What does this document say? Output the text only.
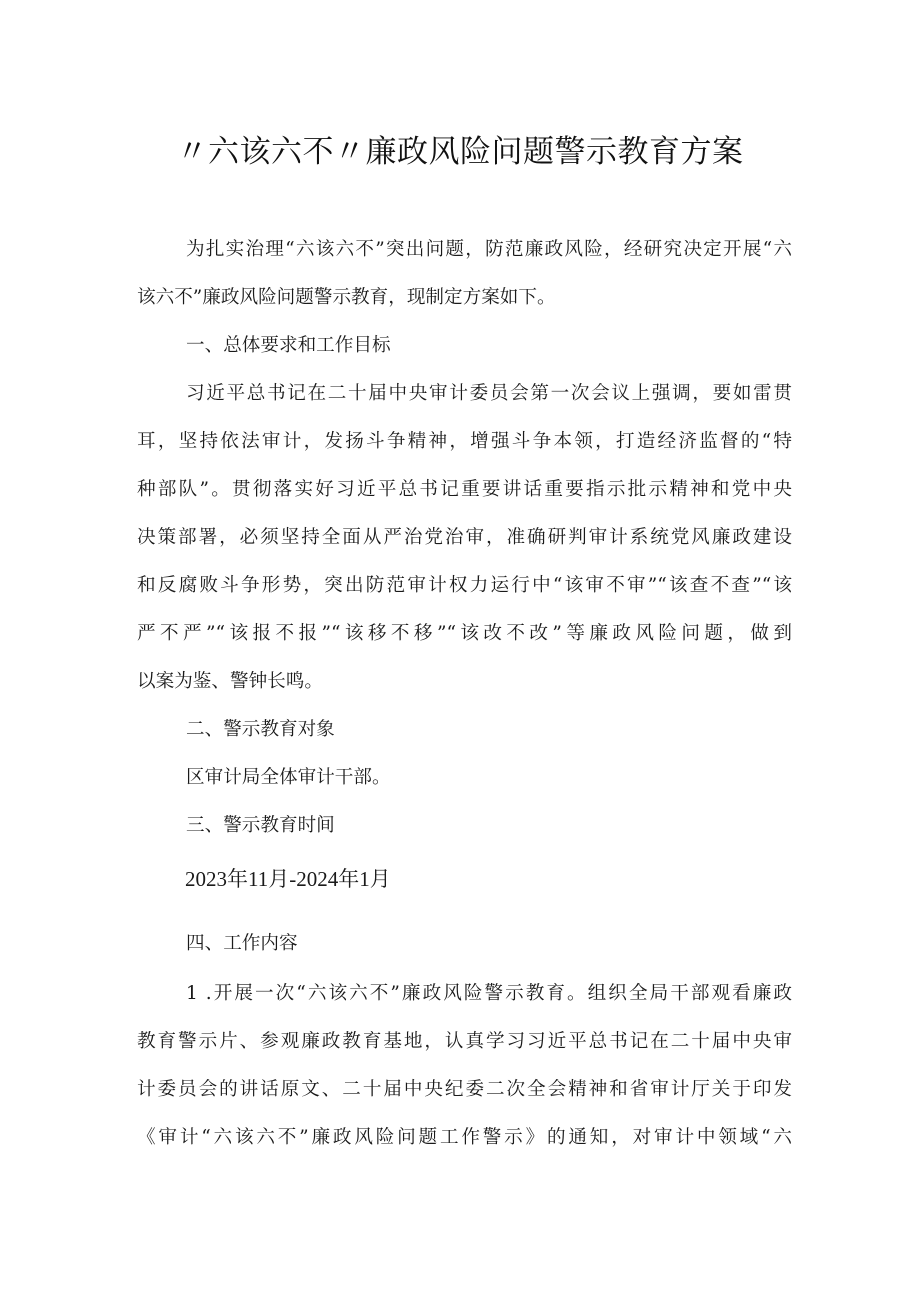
〃六该六不〃廉政风险问题警示教育方案
为扎实治理“六该六不”突出问题，防范廉政风险，经研究决定开展“六
该六不”廉政风险问题警示教育，现制定方案如下。
一、总体要求和工作目标
习近平总书记在二十届中央审计委员会第一次会议上强调，要如雷贯
耳，坚持依法审计，发扬斗争精神，增强斗争本领，打造经济监督的“特
种部队”。贯彻落实好习近平总书记重要讲话重要指示批示精神和党中央
决策部署，必须坚持全面从严治党治审，准确研判审计系统党风廉政建设
和反腐败斗争形势，突出防范审计权力运行中“该审不审”“该查不查”“该
严不严”“该报不报”“该移不移”“该改不改”等廉政风险问题，做到
以案为鉴、警钟长鸣。
二、警示教育对象
区审计局全体审计干部。
三、警示教育时间
2023年11月-2024年1月
四、工作内容
1 .开展一次“六该六不”廉政风险警示教育。组织全局干部观看廉政
教育警示片、参观廉政教育基地，认真学习习近平总书记在二十届中央审
计委员会的讲话原文、二十届中央纪委二次全会精神和省审计厅关于印发
《审计“六该六不”廉政风险问题工作警示》的通知，对审计中领域“六
